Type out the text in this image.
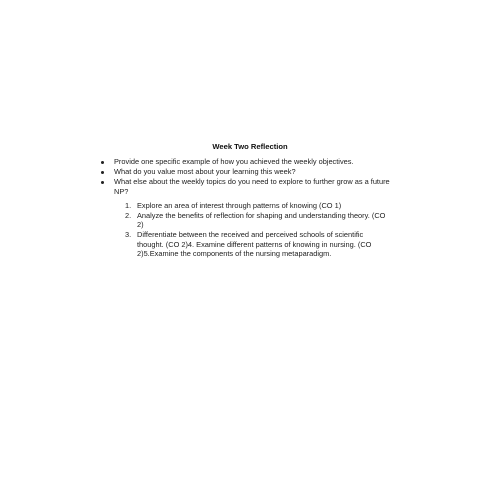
Week Two Reflection
Provide one specific example of how you achieved the weekly objectives.
What do you value most about your learning this week?
What else about the weekly topics do you need to explore to further grow as a future NP?
1. Explore an area of interest through patterns of knowing (CO 1)
2. Analyze the benefits of reflection for shaping and understanding theory. (CO 2)
3. Differentiate between the received and perceived schools of scientific thought. (CO 2)4. Examine different patterns of knowing in nursing. (CO 2)5.Examine the components of the nursing metaparadigm.
